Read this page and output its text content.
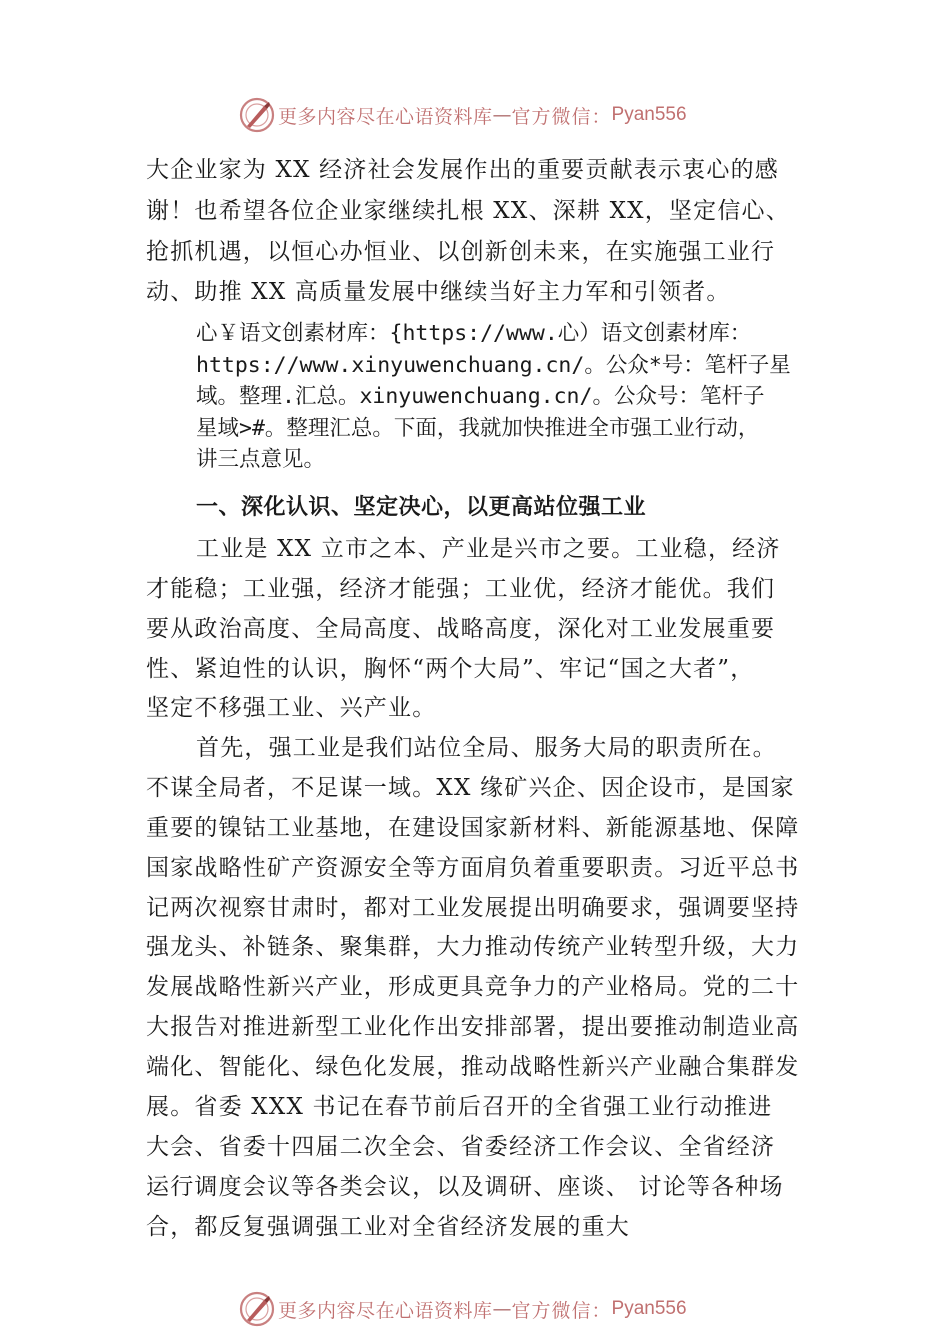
更多内容尽在心语资料库 — 官方微信： Pyan556
大企业家为 XX 经济社会发展作出的重要贡献表示衷心的感
谢！也希望各位企业家继续扎根 XX、深耕 XX，坚定信心、
抢抓机遇，以恒心办恒业、以创新创未来，在实施强工业行
动、助推 XX 高质量发展中继续当好主力军和引领者。
心￥语文创素材库：{https://www.心）语文创素材库：
https://www.xinyuwenchuang.cn/。公众*号：笔杆子星
域。整理.汇总。xinyuwenchuang.cn/。公众号：笔杆子
星域>#。整理汇总。下面，我就加快推进全市强工业行动，
讲三点意见。
一、深化认识、坚定决心，以更高站位强工业
工业是 XX 立市之本、产业是兴市之要。工业稳，经济
才能稳；工业强，经济才能强；工业优，经济才能优。我们
要从政治高度、全局高度、战略高度，深化对工业发展重要
性、紧迫性的认识，胸怀“两个大局”、牢记“国之大者”，
坚定不移强工业、兴产业。
首先，强工业是我们站位全局、服务大局的职责所在。
不谋全局者，不足谋一域。XX 缘矿兴企、因企设市，是国家
重要的镍钴工业基地，在建设国家新材料、新能源基地、保障
国家战略性矿产资源安全等方面肩负着重要职责。习近平总书
记两次视察甘肃时，都对工业发展提出明确要求，强调要坚持
强龙头、补链条、聚集群，大力推动传统产业转型升级，大力
发展战略性新兴产业，形成更具竞争力的产业格局。党的二十
大报告对推进新型工业化作出安排部署，提出要推动制造业高
端化、智能化、绿色化发展，推动战略性新兴产业融合集群发
展。省委 XXX 书记在春节前后召开的全省强工业行动推进
大会、省委十四届二次全会、省委经济工作会议、全省经济
运行调度会议等各类会议，以及调研、座谈、 讨论等各种场
合，都反复强调强工业对全省经济发展的重大
更多内容尽在心语资料库 — 官方微信： Pyan556
